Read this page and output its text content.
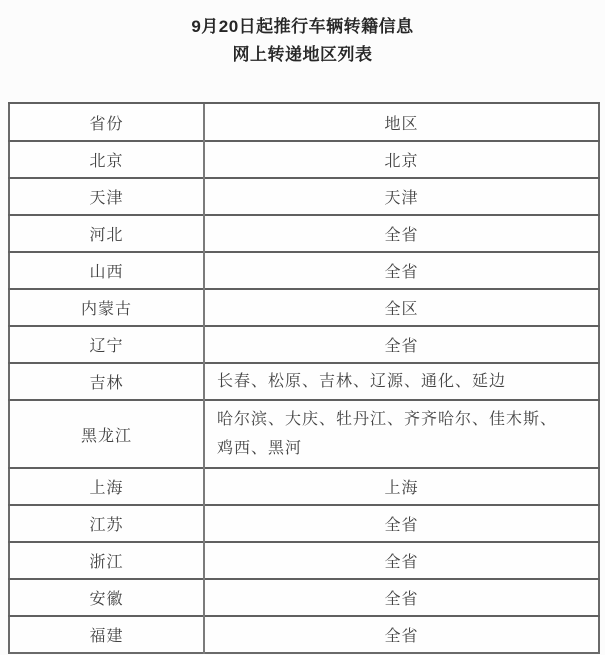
9月20日起推行车辆转籍信息
网上转递地区列表
省份	地区
北京	北京
天津	天津
河北	全省
山西	全省
内蒙古	全区
辽宁	全省
吉林	长春、松原、吉林、辽源、通化、延边
黑龙江	哈尔滨、大庆、牡丹江、齐齐哈尔、佳木斯、鸡西、黑河
上海	上海
江苏	全省
浙江	全省
安徽	全省
福建	全省
